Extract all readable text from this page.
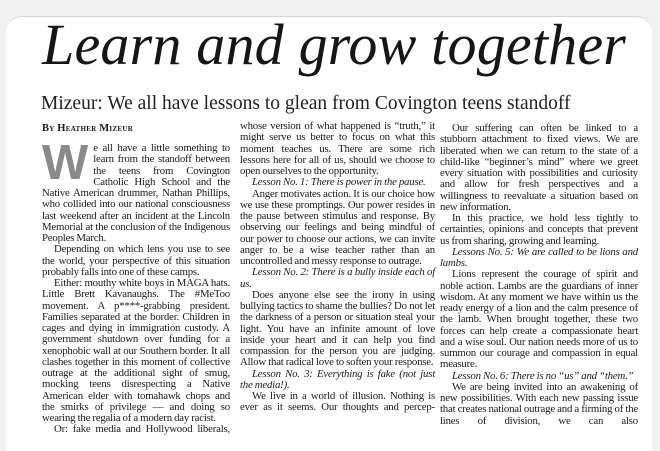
Learn and grow together
Mizeur: We all have lessons to glean from Covington teens standoff
By Heather Mizeur

We all have a little something to learn from the standoff between the teens from Covington Catholic High School and the Native American drummer, Nathan Phillips, who collided into our national consciousness last weekend after an incident at the Lincoln Memorial at the conclusion of the Indigenous Peoples March.

Depending on which lens you use to see the world, your perspective of this situation probably falls into one of these camps.

Either: mouthy white boys in MAGA hats. Little Brett Kavanaughs. The #MeToo movement. A p****-grabbing president. Families separated at the border. Children in cages and dying in immigration custody. A government shutdown over funding for a xenophobic wall at our Southern border. It all clashes together in this moment of collective outrage at the additional sight of smug, mocking teens disrespecting a Native American elder with tomahawk chops and the smirks of privilege — and doing so wearing the regalia of a modern day racist.

Or: fake media and Hollywood liberals,

whose version of what happened is “truth,” it might serve us better to focus on what this moment teaches us. There are some rich lessons here for all of us, should we choose to open ourselves to the opportunity.

Lesson No. 1: There is power in the pause.

Anger motivates action. It is our choice how we use these promptings. Our power resides in the pause between stimulus and response. By observing our feelings and being mindful of our power to choose our actions, we can invite anger to be a wise teacher rather than an uncontrolled and messy response to outrage.

Lesson No. 2: There is a bully inside each of us.

Does anyone else see the irony in using bullying tactics to shame the bullies? Do not let the darkness of a person or situation steal your light. You have an infinite amount of love inside your heart and it can help you find compassion for the person you are judging. Allow that radical love to soften your response.

Lesson No. 3: Everything is fake (not just the media!).

We live in a world of illusion. Nothing is ever as it seems. Our thoughts and percep-

Our suffering can often be linked to a stubborn attachment to fixed views. We are liberated when we can return to the state of a child-like “beginner’s mind” where we greet every situation with possibilities and curiosity and allow for fresh perspectives and a willingness to reevaluate a situation based on new information.

In this practice, we hold less tightly to certainties, opinions and concepts that prevent us from sharing, growing and learning.

Lessons No. 5: We are called to be lions and lambs.

Lions represent the courage of spirit and noble action. Lambs are the guardians of inner wisdom. At any moment we have within us the ready energy of a lion and the calm presence of the lamb. When brought together, these two forces can help create a compassionate heart and a wise soul. Our nation needs more of us to summon our courage and compassion in equal measure.

Lesson No. 6: There is no “us” and “them.”

We are being invited into an awakening of new possibilities. With each new passing issue that creates national outrage and a firming of the lines of division, we can also
